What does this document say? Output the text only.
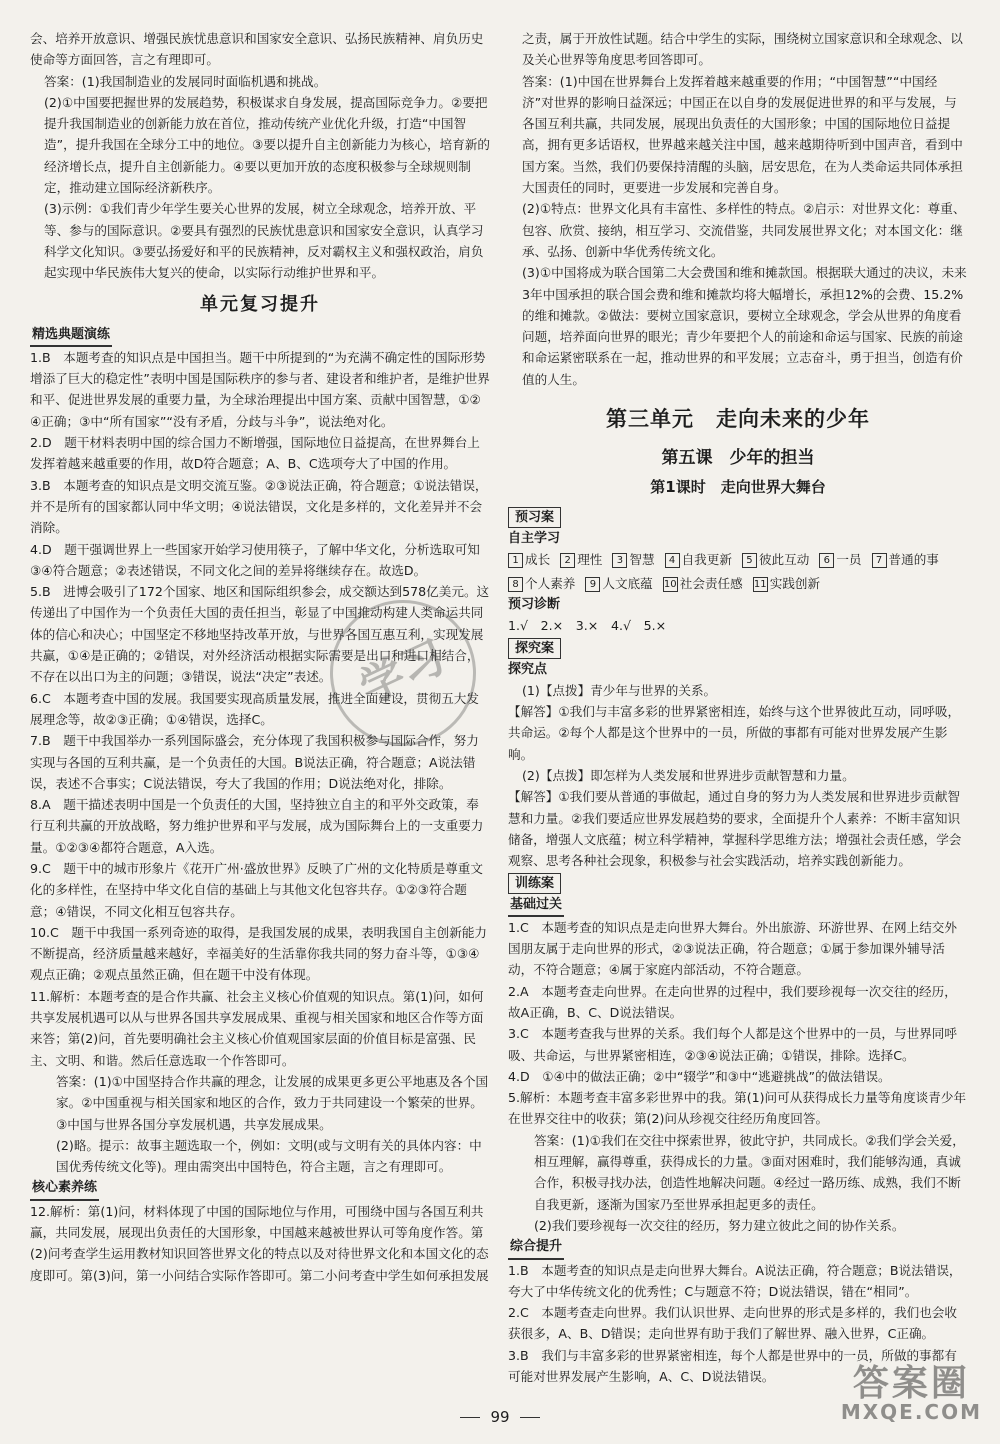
会、培养开放意识、增强民族忧患意识和国家安全意识、弘扬民族精神、肩负历史使命等方面回答，言之有理即可。

答案：(1)我国制造业的发展同时面临机遇和挑战。

(2)①中国要把握世界的发展趋势，积极谋求自身发展，提高国际竞争力。②要把提升我国制造业的创新能力放在首位，推动传统产业优化升级，打造“中国智造”，提升我国在全球分工中的地位。③要以提升自主创新能力为核心，培育新的经济增长点，提升自主创新能力。④要以更加开放的态度积极参与全球规则制定，推动建立国际经济新秩序。

(3)示例：①我们青少年学生要关心世界的发展，树立全球观念，培养开放、平等、参与的国际意识。②要具有强烈的民族忧患意识和国家安全意识，认真学习科学文化知识。③要弘扬爱好和平的民族精神，反对霸权主义和强权政治，肩负起实现中华民族伟大复兴的使命，以实际行动维护世界和平。

单元复习提升

精选典题演练

1.B　本题考查的知识点是中国担当。题干中所提到的“为充满不确定性的国际形势增添了巨大的稳定性”表明中国是国际秩序的参与者、建设者和维护者，是维护世界和平、促进世界发展的重要力量，为全球治理提出中国方案、贡献中国智慧，①②④正确；③中“所有国家”“没有矛盾，分歧与斗争”，说法绝对化。

2.D　题干材料表明中国的综合国力不断增强，国际地位日益提高，在世界舞台上发挥着越来越重要的作用，故D符合题意；A、B、C选项夸大了中国的作用。

3.B　本题考查的知识点是文明交流互鉴。②③说法正确，符合题意；①说法错误，并不是所有的国家都认同中华文明；④说法错误，文化是多样的，文化差异并不会消除。

4.D　题干强调世界上一些国家开始学习使用筷子，了解中华文化，分析选取可知③④符合题意；②表述错误，不同文化之间的差异将继续存在。故选D。

5.B　进博会吸引了172个国家、地区和国际组织参会，成交额达到578亿美元。这传递出了中国作为一个负责任大国的责任担当，彰显了中国推动构建人类命运共同体的信心和决心；中国坚定不移地坚持改革开放，与世界各国互惠互利，实现发展共赢，①④是正确的；②错误，对外经济活动根据实际需要是出口和进口相结合，不存在以出口为主的问题；③错误，说法“决定”表述。

6.C　本题考查中国的发展。我国要实现高质量发展，推进全面建设，贯彻五大发展理念等，故②③正确；①④错误，选择C。

7.B　题干中我国举办一系列国际盛会，充分体现了我国积极参与国际合作，努力实现与各国的互利共赢，是一个负责任的大国。B说法正确，符合题意；A说法错误，表述不合事实；C说法错误，夸大了我国的作用；D说法绝对化，排除。

8.A　题干描述表明中国是一个负责任的大国，坚持独立自主的和平外交政策，奉行互利共赢的开放战略，努力维护世界和平与发展，成为国际舞台上的一支重要力量。①②③④都符合题意，A入选。

9.C　题干中的城市形象片《花开广州·盛放世界》反映了广州的文化特质是尊重文化的多样性，在坚持中华文化自信的基础上与其他文化包容共存。①②③符合题意；④错误，不同文化相互包容共存。

10.C　题干中我国一系列奇迹的取得，是我国发展的成果，表明我国自主创新能力不断提高，经济质量越来越好，幸福美好的生活靠你我共同的努力奋斗等，①③④观点正确；②观点虽然正确，但在题干中没有体现。

11.解析：本题考查的是合作共赢、社会主义核心价值观的知识点。第(1)问，如何共享发展机遇可以从与世界各国共享发展成果、重视与相关国家和地区合作等方面来答；第(2)问，首先要明确社会主义核心价值观国家层面的价值目标是富强、民主、文明、和谐。然后任意选取一个作答即可。

答案：(1)①中国坚持合作共赢的理念，让发展的成果更多更公平地惠及各个国家。②中国重视与相关国家和地区的合作，致力于共同建设一个繁荣的世界。③中国与世界各国分享发展机遇，共享发展成果。

(2)略。提示：故事主题选取一个，例如：文明(或与文明有关的具体内容：中国优秀传统文化等)。理由需突出中国特色，符合主题，言之有理即可。

核心素养练

12.解析：第(1)问，材料体现了中国的国际地位与作用，可围绕中国与各国互利共赢，共同发展，展现出负责任的大国形象，中国越来越被世界认可等角度作答。第(2)问考查学生运用教材知识回答世界文化的特点以及对待世界文化和本国文化的态度即可。第(3)问，第一小问结合实际作答即可。第二小问考查中学生如何承担发展

之责，属于开放性试题。结合中学生的实际，围绕树立国家意识和全球观念、以及关心世界等角度思考回答即可。

答案：(1)中国在世界舞台上发挥着越来越重要的作用；“中国智慧”“中国经济”对世界的影响日益深远；中国正在以自身的发展促进世界的和平与发展，与各国互利共赢，共同发展，展现出负责任的大国形象；中国的国际地位日益提高，拥有更多话语权，世界越来越关注中国，越来越期待听到中国声音，看到中国方案。当然，我们仍要保持清醒的头脑，居安思危，在为人类命运共同体承担大国责任的同时，更要进一步发展和完善自身。

(2)①特点：世界文化具有丰富性、多样性的特点。②启示：对世界文化：尊重、包容、欣赏、接纳，相互学习、交流借鉴，共同发展世界文化；对本国文化：继承、弘扬、创新中华优秀传统文化。

(3)①中国将成为联合国第二大会费国和维和摊款国。根据联大通过的决议，未来3年中国承担的联合国会费和维和摊款均将大幅增长，承担12%的会费、15.2%的维和摊款。②做法：要树立国家意识，要树立全球观念，学会从世界的角度看问题，培养面向世界的眼光；青少年要把个人的前途和命运与国家、民族的前途和命运紧密联系在一起，推动世界的和平发展；立志奋斗，勇于担当，创造有价值的人生。

第三单元　走向未来的少年
第五课　少年的担当
第1课时　走向世界大舞台
预习案

自主学习

1 成长	2 理性	3 智慧	4 自我更新	5 彼此互动	6 一员	7 普通的事
8 个人素养	9 人文底蕴 10 社会责任感 11 实践创新

预习诊断

1.√　2.×　3.×　4.√　5.×

探究案

探究点

(1)【点拨】青少年与世界的关系。

【解答】①我们与丰富多彩的世界紧密相连，始终与这个世界彼此互动，同呼吸，共命运。②每个人都是这个世界中的一员，所做的事都有可能对世界发展产生影响。

(2)【点拨】即怎样为人类发展和世界进步贡献智慧和力量。

【解答】①我们要从普通的事做起，通过自身的努力为人类发展和世界进步贡献智慧和力量。②我们要适应世界发展趋势的要求，全面提升个人素养：不断丰富知识储备，增强人文底蕴；树立科学精神，掌握科学思维方法；增强社会责任感，学会观察、思考各种社会现象，积极参与社会实践活动，培养实践创新能力。

训练案

基础过关

1.C　本题考查的知识点是走向世界大舞台。外出旅游、环游世界、在网上结交外国朋友属于走向世界的形式，②③说法正确，符合题意；①属于参加课外辅导活动，不符合题意；④属于家庭内部活动，不符合题意。

2.A　本题考查走向世界。在走向世界的过程中，我们要珍视每一次交往的经历，故A正确，B、C、D说法错误。

3.C　本题考查我与世界的关系。我们每个人都是这个世界中的一员，与世界同呼吸、共命运，与世界紧密相连，②③④说法正确；①错误，排除。选择C。

4.D　①④中的做法正确；②中“辍学”和③中“逃避挑战”的做法错误。

5.解析：本题考查丰富多彩世界中的我。第(1)问可从获得成长力量等角度谈青少年在世界交往中的收获；第(2)问从珍视交往经历角度回答。

答案：(1)①我们在交往中探索世界，彼此守护，共同成长。②我们学会关爱，相互理解，赢得尊重，获得成长的力量。③面对困难时，我们能够沟通，真诚合作，积极寻找办法，创造性地解决问题。④经过一路历练、成熟，我们不断自我更新，逐渐为国家乃至世界承担起更多的责任。

(2)我们要珍视每一次交往的经历，努力建立彼此之间的协作关系。

综合提升

1.B　本题考查的知识点是走向世界大舞台。A说法正确，符合题意；B说法错误，夸大了中华传统文化的优秀性；C与题意不符；D说法错误，错在“相同”。

2.C　本题考查走向世界。我们认识世界、走向世界的形式是多样的，我们也会收获很多，A、B、D错误；走向世界有助于我们了解世界、融入世界，C正确。

3.B　我们与丰富多彩的世界紧密相连，每个人都是世界中的一员，所做的事都有可能对世界发展产生影响，A、C、D说法错误。

学习
答案圈
MXQE.COM
99
